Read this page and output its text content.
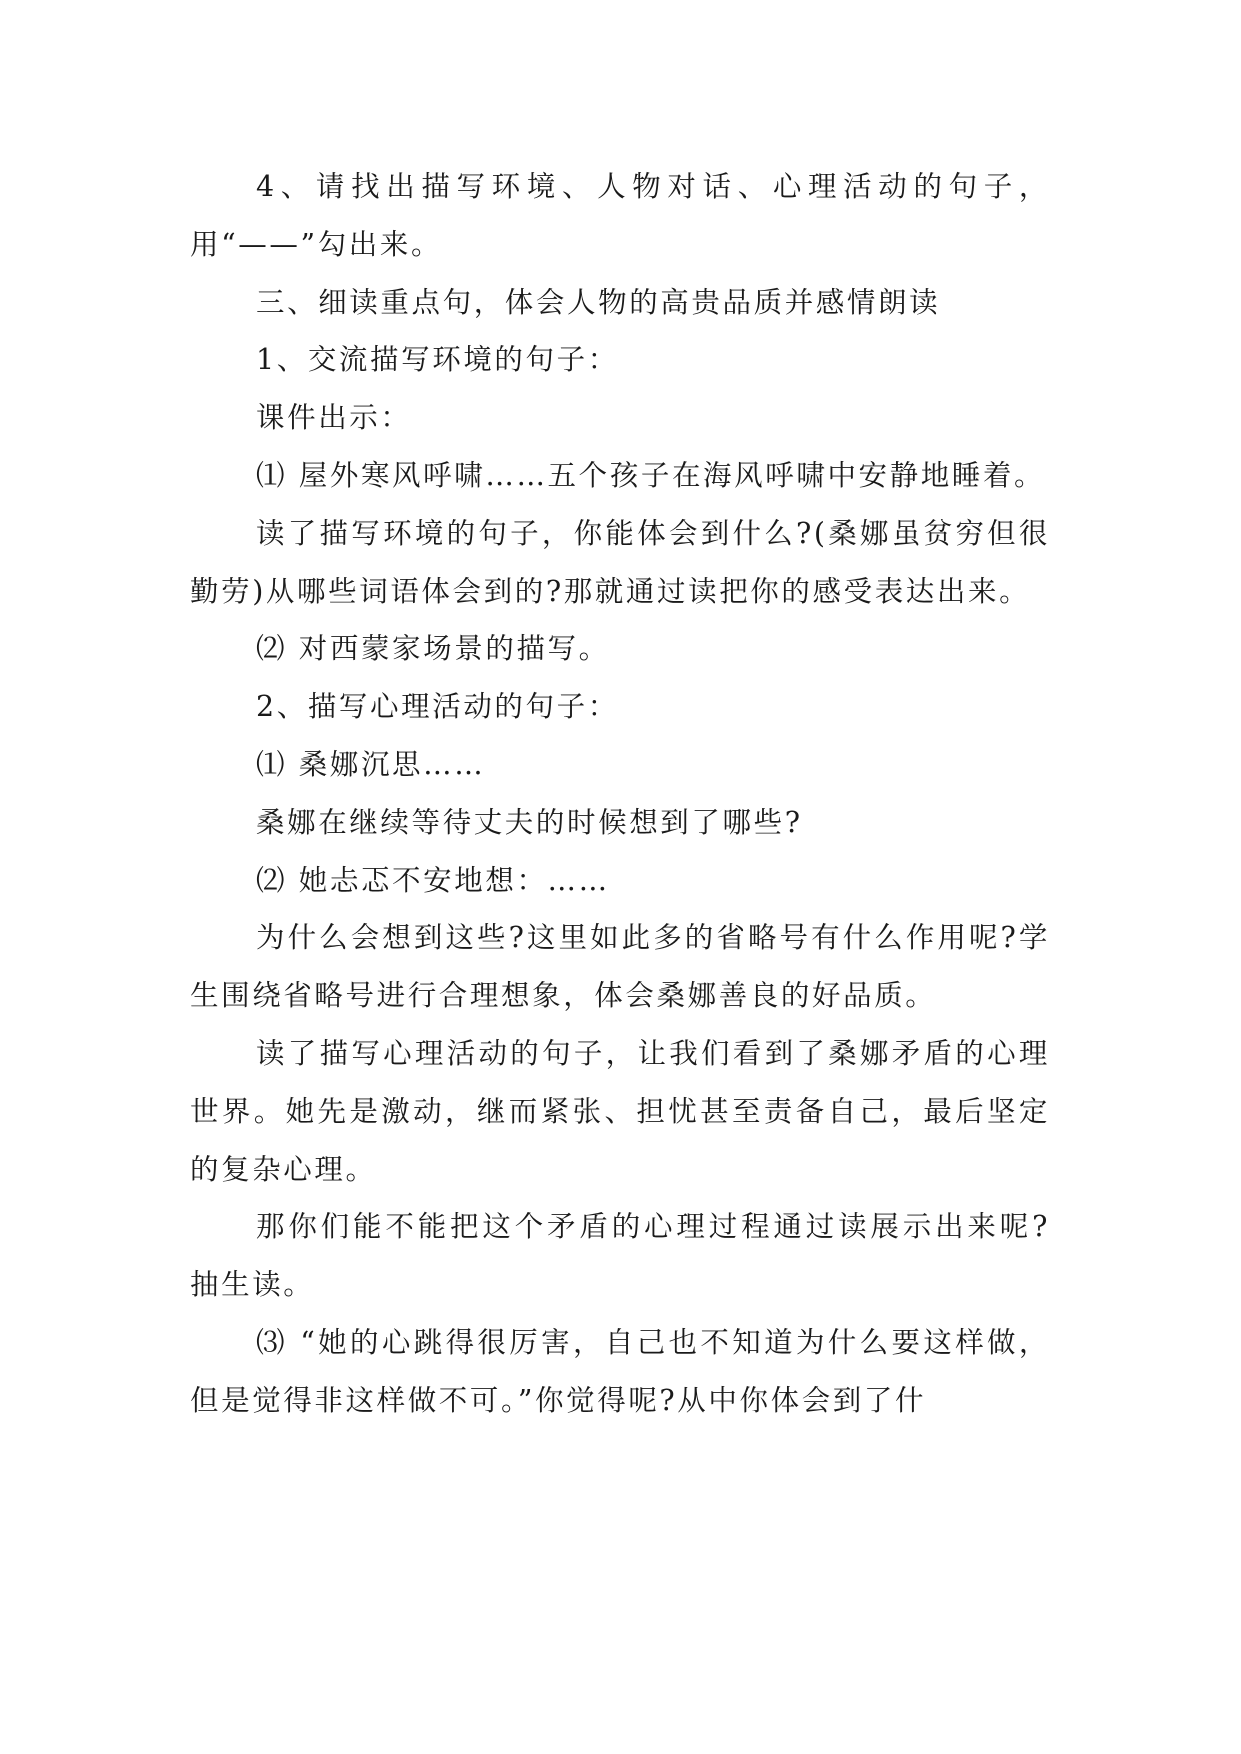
4、请找出描写环境、人物对话、心理活动的句子，用“——”勾出来。

三、细读重点句，体会人物的高贵品质并感情朗读

1、交流描写环境的句子：

课件出示：

⑴ 屋外寒风呼啸……五个孩子在海风呼啸中安静地睡着。

读了描写环境的句子，你能体会到什么?(桑娜虽贫穷但很勤劳)从哪些词语体会到的?那就通过读把你的感受表达出来。

⑵ 对西蒙家场景的描写。

2、描写心理活动的句子：

⑴ 桑娜沉思……

桑娜在继续等待丈夫的时候想到了哪些?

⑵ 她忐忑不安地想：……

为什么会想到这些?这里如此多的省略号有什么作用呢?学生围绕省略号进行合理想象，体会桑娜善良的好品质。

读了描写心理活动的句子，让我们看到了桑娜矛盾的心理世界。她先是激动，继而紧张、担忧甚至责备自己，最后坚定的复杂心理。

那你们能不能把这个矛盾的心理过程通过读展示出来呢?抽生读。

⑶ “她的心跳得很厉害，自己也不知道为什么要这样做，但是觉得非这样做不可。”你觉得呢?从中你体会到了什
